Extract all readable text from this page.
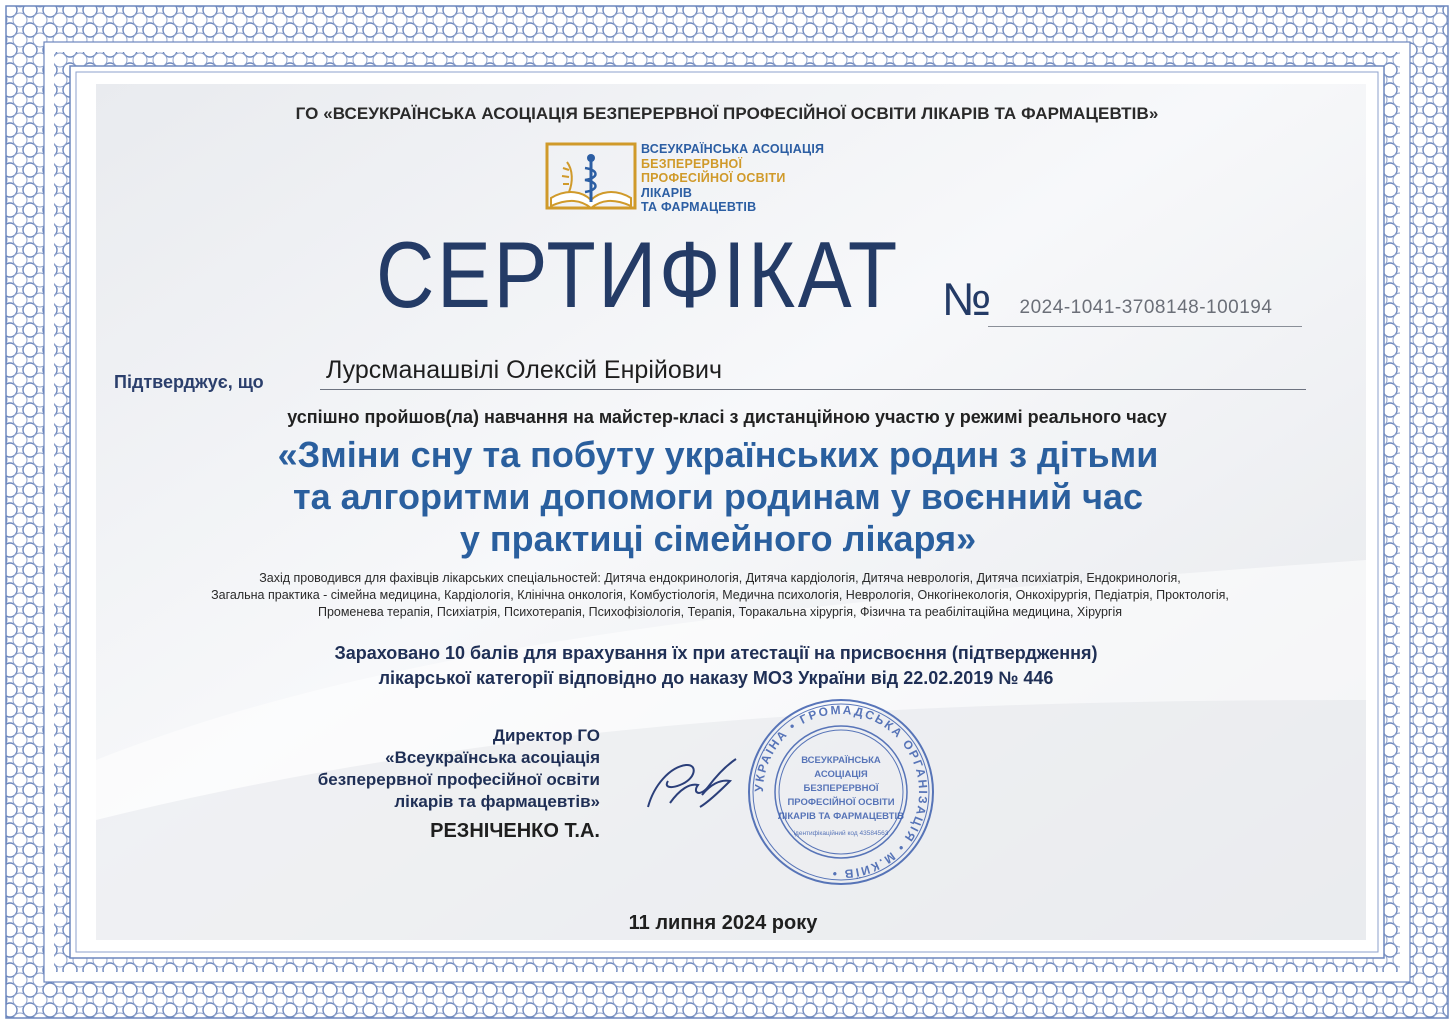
ГО «ВСЕУКРАЇНСЬКА АСОЦІАЦІЯ БЕЗПЕРЕРВНОЇ ПРОФЕСІЙНОЇ ОСВІТИ ЛІКАРІВ ТА ФАРМАЦЕВТІВ»
ВСЕУКРАЇНСЬКА АСОЦІАЦІЯ
БЕЗПЕРЕРВНОЇ
ПРОФЕСІЙНОЇ ОСВІТИ
ЛІКАРІВ
ТА ФАРМАЦЕВТІВ
СЕРТИФІКАТ №	2024-1041-3708148-100194
Підтверджує, що Лурсманашвілі Олексій Енрійович
успішно пройшов(ла) навчання на майстер-класі з дистанційною участю у режимі реального часу
«Зміни сну та побуту українських родин з дітьми
та алгоритми допомоги родинам у воєнний час
у практиці сімейного лікаря»
Захід проводився для фахівців лікарських спеціальностей: Дитяча ендокринологія, Дитяча кардіологія, Дитяча неврологія, Дитяча психіатрія, Ендокринологія,
Загальна практика - сімейна медицина, Кардіологія, Клінічна онкологія, Комбустіологія, Медична психологія, Неврологія, Онкогінекологія, Онкохірургія, Педіатрія, Проктологія,
Променева терапія, Психіатрія, Психотерапія, Психофізіологія, Терапія, Торакальна хірургія, Фізична та реабілітаційна медицина, Хірургія
Зараховано 10 балів для врахування їх при атестації на присвоєння (підтвердження)
лікарської категорії відповідно до наказу МОЗ України від 22.02.2019 № 446
Директор ГО
«Всеукраїнська асоціація
безперервної професійної освіти
лікарів та фармацевтів»
РЕЗНІЧЕНКО Т.А.
УКРАЇНА • ГРОМАДСЬКА ОРГАНІЗАЦІЯ • М.КИЇВ •
ВСЕУКРАЇНСЬКА
АСОЦІАЦІЯ
БЕЗПЕРЕРВНОЇ
ПРОФЕСІЙНОЇ ОСВІТИ
ЛІКАРІВ ТА ФАРМАЦЕВТІВ
ідентифікаційний код 43584563
11 липня 2024 року
